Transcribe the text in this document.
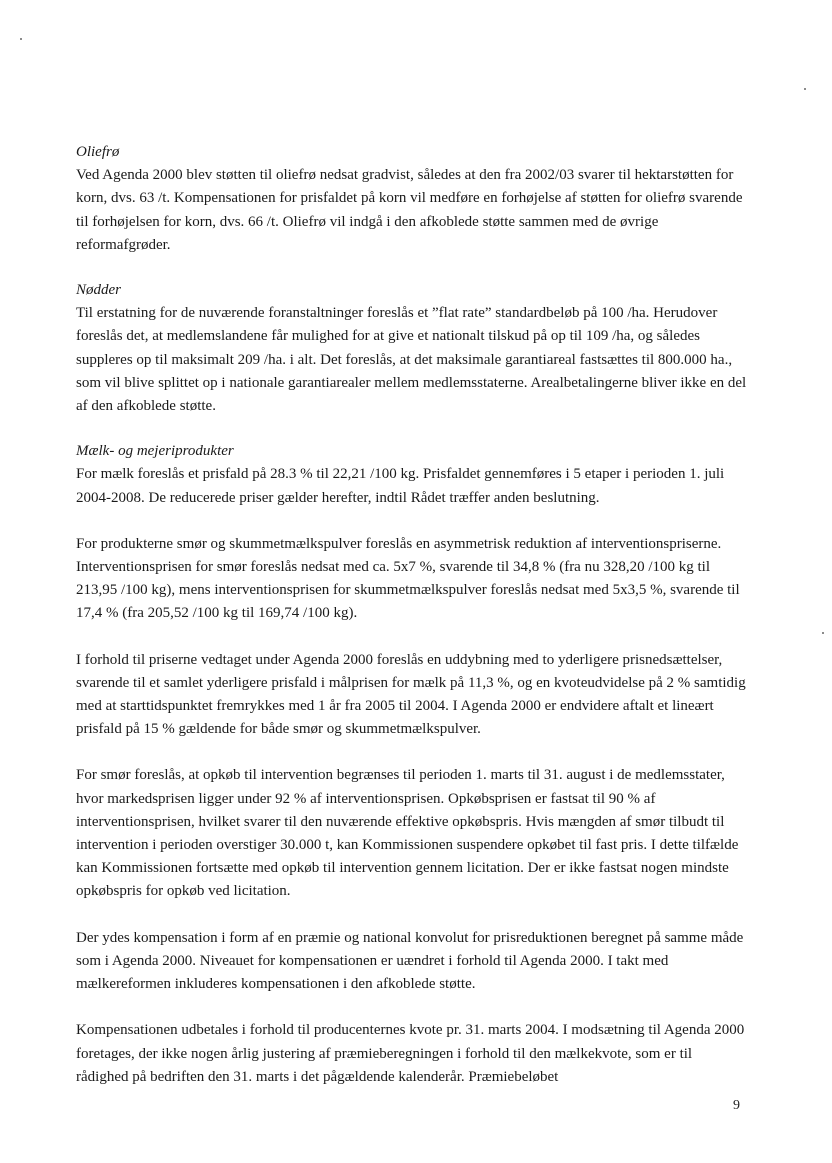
Oliefrø

Ved Agenda 2000 blev støtten til oliefrø nedsat gradvist, således at den fra 2002/03 svarer til hektarstøtten for korn, dvs. 63 /t. Kompensationen for prisfaldet på korn vil medføre en forhøjelse af støtten for oliefrø svarende til forhøjelsen for korn, dvs. 66 /t. Oliefrø vil indgå i den afkoblede støtte sammen med de øvrige reformafgrøder.

Nødder

Til erstatning for de nuværende foranstaltninger foreslås et ”flat rate” standardbeløb på 100 /ha. Herudover foreslås det, at medlemslandene får mulighed for at give et nationalt tilskud på op til 109 /ha, og således suppleres op til maksimalt 209 /ha. i alt. Det foreslås, at det maksimale garantiareal fastsættes til 800.000 ha., som vil blive splittet op i nationale garantiarealer mellem medlemsstaterne. Arealbetalingerne bliver ikke en del af den afkoblede støtte.

Mælk- og mejeriprodukter

For mælk foreslås et prisfald på 28.3 % til 22,21 /100 kg. Prisfaldet gennemføres i 5 etaper i perioden 1. juli 2004-2008. De reducerede priser gælder herefter, indtil Rådet træffer anden beslutning.

For produkterne smør og skummetmælkspulver foreslås en asymmetrisk reduktion af interventionspriserne. Interventionsprisen for smør foreslås nedsat med ca. 5x7 %, svarende til 34,8 % (fra nu 328,20 /100 kg til 213,95 /100 kg), mens interventionsprisen for skummetmælkspulver foreslås nedsat med 5x3,5 %, svarende til 17,4 % (fra 205,52 /100 kg til 169,74 /100 kg).

I forhold til priserne vedtaget under Agenda 2000 foreslås en uddybning med to yderligere prisnedsættelser, svarende til et samlet yderligere prisfald i målprisen for mælk på 11,3 %, og en kvoteudvidelse på 2 % samtidig med at starttidspunktet fremrykkes med 1 år fra 2005 til 2004. I Agenda 2000 er endvidere aftalt et lineært prisfald på 15 % gældende for både smør og skummetmælkspulver.

For smør foreslås, at opkøb til intervention begrænses til perioden 1. marts til 31. august i de medlemsstater, hvor markedsprisen ligger under 92 % af interventionsprisen. Opkøbsprisen er fastsat til 90 % af interventionsprisen, hvilket svarer til den nuværende effektive opkøbspris. Hvis mængden af smør tilbudt til intervention i perioden overstiger 30.000 t, kan Kommissionen suspendere opkøbet til fast pris. I dette tilfælde kan Kommissionen fortsætte med opkøb til intervention gennem licitation. Der er ikke fastsat nogen mindste opkøbspris for opkøb ved licitation.

Der ydes kompensation i form af en præmie og national konvolut for prisreduktionen beregnet på samme måde som i Agenda 2000. Niveauet for kompensationen er uændret i forhold til Agenda 2000. I takt med mælkereformen inkluderes kompensationen i den afkoblede støtte.

Kompensationen udbetales i forhold til producenternes kvote pr. 31. marts 2004. I modsætning til Agenda 2000 foretages, der ikke nogen årlig justering af præmieberegningen i forhold til den mælkekvote, som er til rådighed på bedriften den 31. marts i det pågældende kalenderår. Præmiebeløbet

9
